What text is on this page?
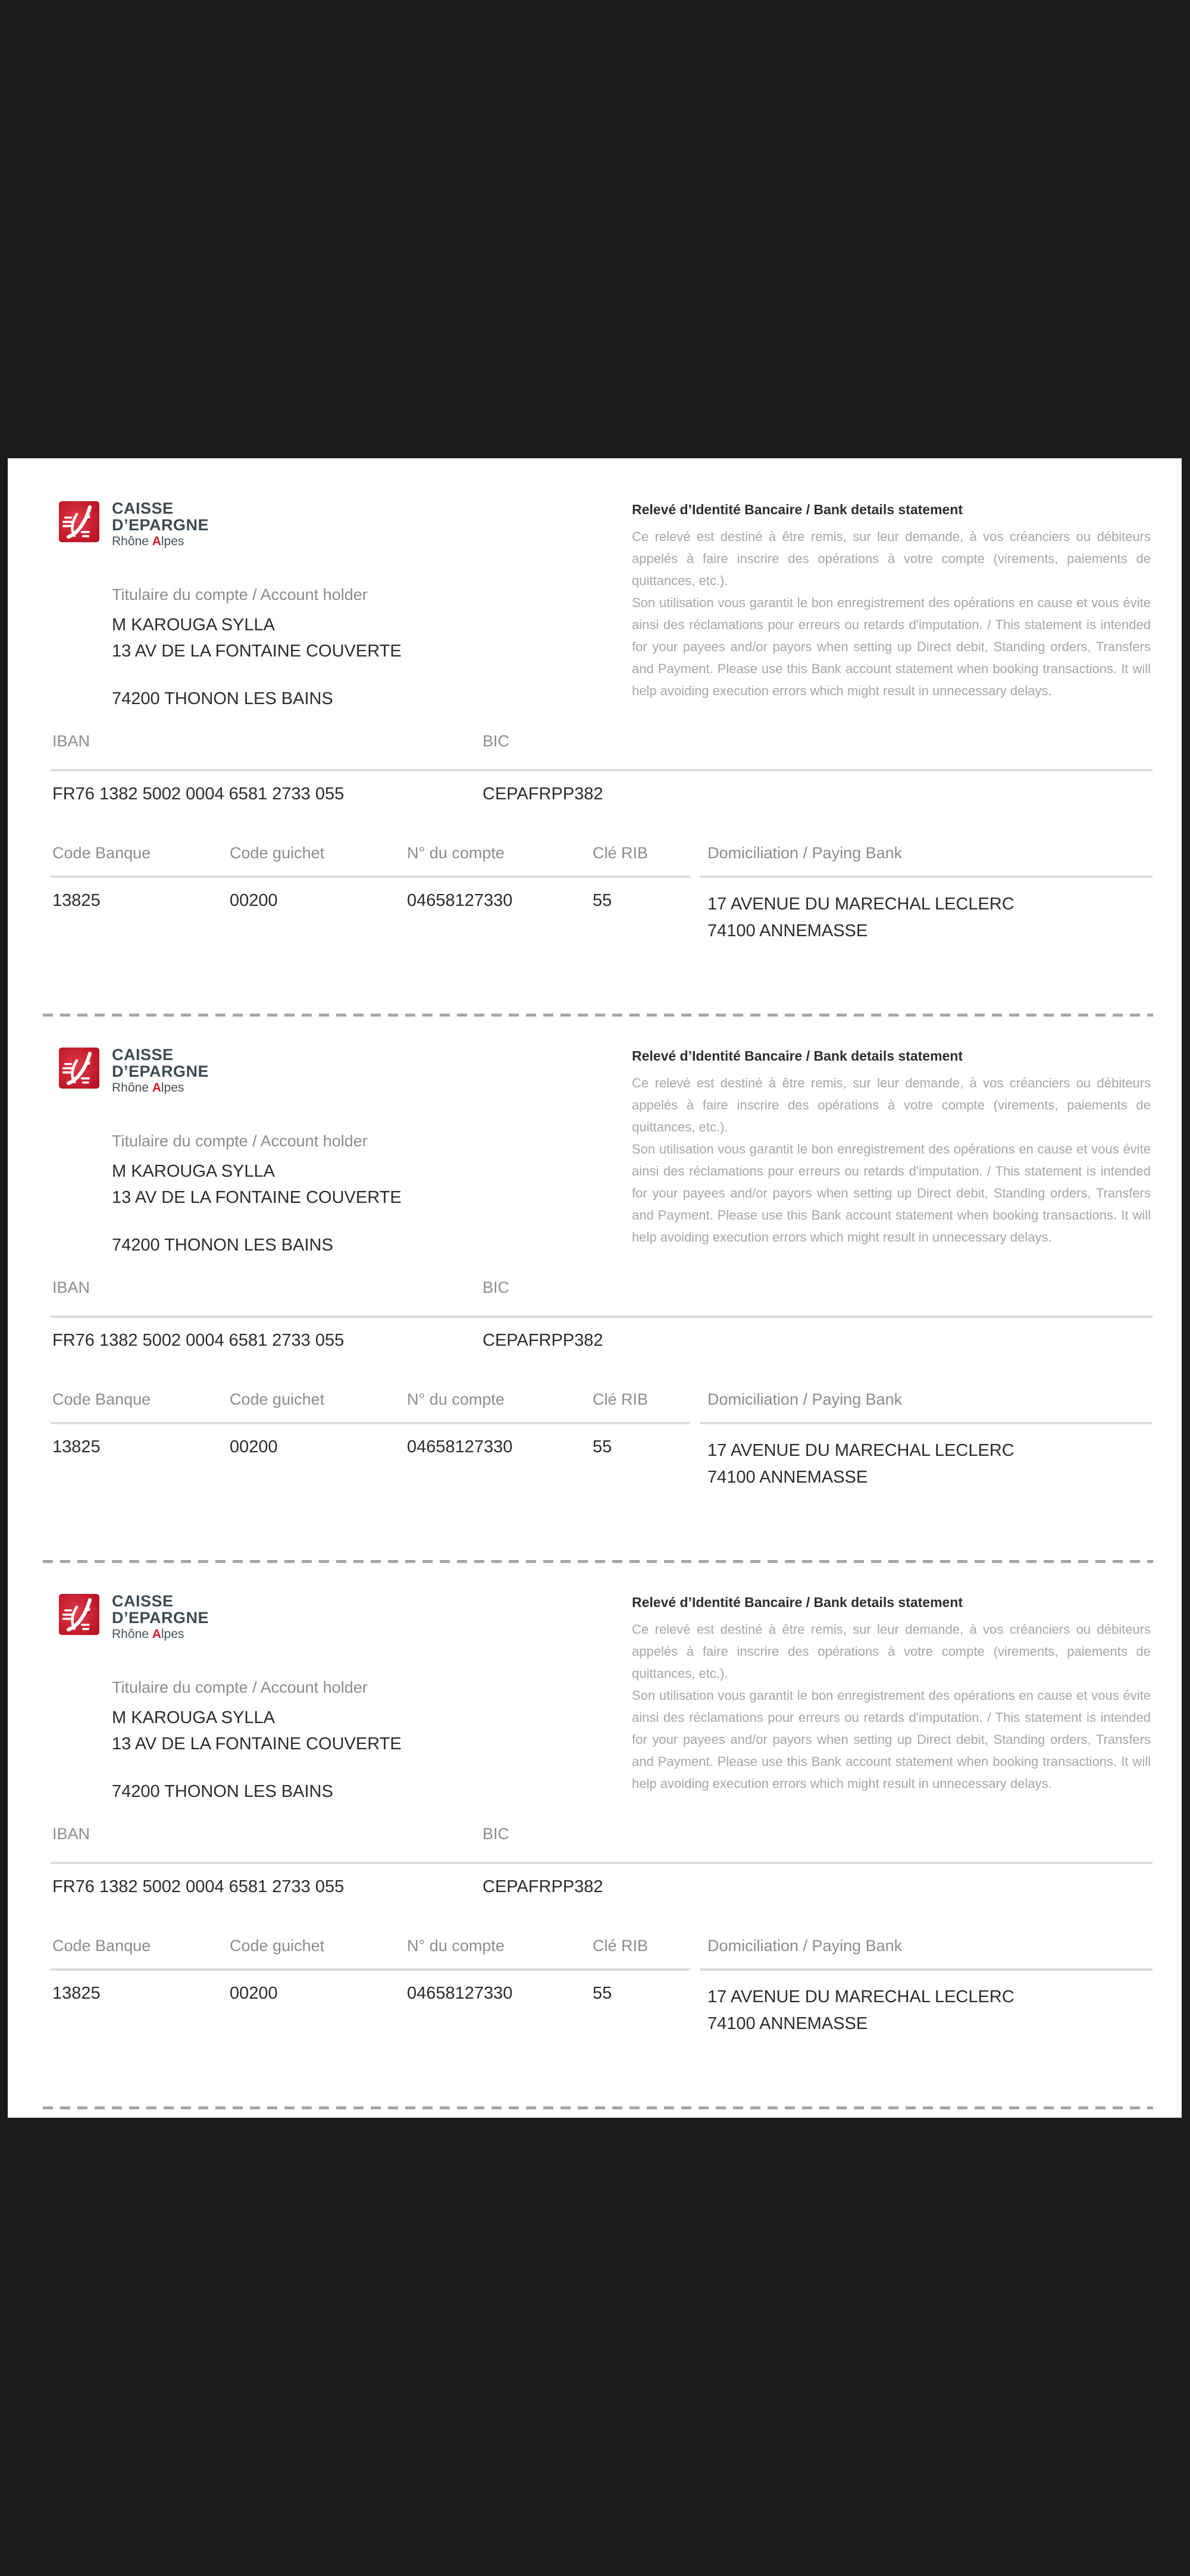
CAISSE
D’EPARGNE
Rhône Alpes
Relevé d’Identité Bancaire / Bank details statement

Ce relevé est destiné à être remis, sur leur demande, à vos créanciers ou débiteurs appelés à faire inscrire des opérations à votre compte (virements, paiements de quittances, etc.).

Son utilisation vous garantit le bon enregistrement des opérations en cause et vous évite ainsi des réclamations pour erreurs ou retards d'imputation. / This statement is intended for your payees and/or payors when setting up Direct debit, Standing orders, Transfers and Payment. Please use this Bank account statement when booking transactions. It will help avoiding execution errors which might result in unnecessary delays.

Titulaire du compte / Account holder
M KAROUGA SYLLA
13 AV DE LA FONTAINE COUVERTE
74200 THONON LES BAINS
IBAN	BIC
FR76 1382 5002 0004 6581 2733 055	CEPAFRPP382
Code Banque	Code guichet	N° du compte	Clé RIB	Domiciliation / Paying Bank
13825	00200	04658127330	55	17 AVENUE DU MARECHAL LECLERC
74100 ANNEMASSE
CAISSE
D’EPARGNE
Rhône Alpes
Relevé d’Identité Bancaire / Bank details statement

Ce relevé est destiné à être remis, sur leur demande, à vos créanciers ou débiteurs appelés à faire inscrire des opérations à votre compte (virements, paiements de quittances, etc.).

Son utilisation vous garantit le bon enregistrement des opérations en cause et vous évite ainsi des réclamations pour erreurs ou retards d'imputation. / This statement is intended for your payees and/or payors when setting up Direct debit, Standing orders, Transfers and Payment. Please use this Bank account statement when booking transactions. It will help avoiding execution errors which might result in unnecessary delays.

Titulaire du compte / Account holder
M KAROUGA SYLLA
13 AV DE LA FONTAINE COUVERTE
74200 THONON LES BAINS
IBAN	BIC
FR76 1382 5002 0004 6581 2733 055	CEPAFRPP382
Code Banque	Code guichet	N° du compte	Clé RIB	Domiciliation / Paying Bank
13825	00200	04658127330	55	17 AVENUE DU MARECHAL LECLERC
74100 ANNEMASSE
CAISSE
D’EPARGNE
Rhône Alpes
Relevé d’Identité Bancaire / Bank details statement

Ce relevé est destiné à être remis, sur leur demande, à vos créanciers ou débiteurs appelés à faire inscrire des opérations à votre compte (virements, paiements de quittances, etc.).

Son utilisation vous garantit le bon enregistrement des opérations en cause et vous évite ainsi des réclamations pour erreurs ou retards d'imputation. / This statement is intended for your payees and/or payors when setting up Direct debit, Standing orders, Transfers and Payment. Please use this Bank account statement when booking transactions. It will help avoiding execution errors which might result in unnecessary delays.

Titulaire du compte / Account holder
M KAROUGA SYLLA
13 AV DE LA FONTAINE COUVERTE
74200 THONON LES BAINS
IBAN	BIC
FR76 1382 5002 0004 6581 2733 055	CEPAFRPP382
Code Banque	Code guichet	N° du compte	Clé RIB	Domiciliation / Paying Bank
13825	00200	04658127330	55	17 AVENUE DU MARECHAL LECLERC
74100 ANNEMASSE
